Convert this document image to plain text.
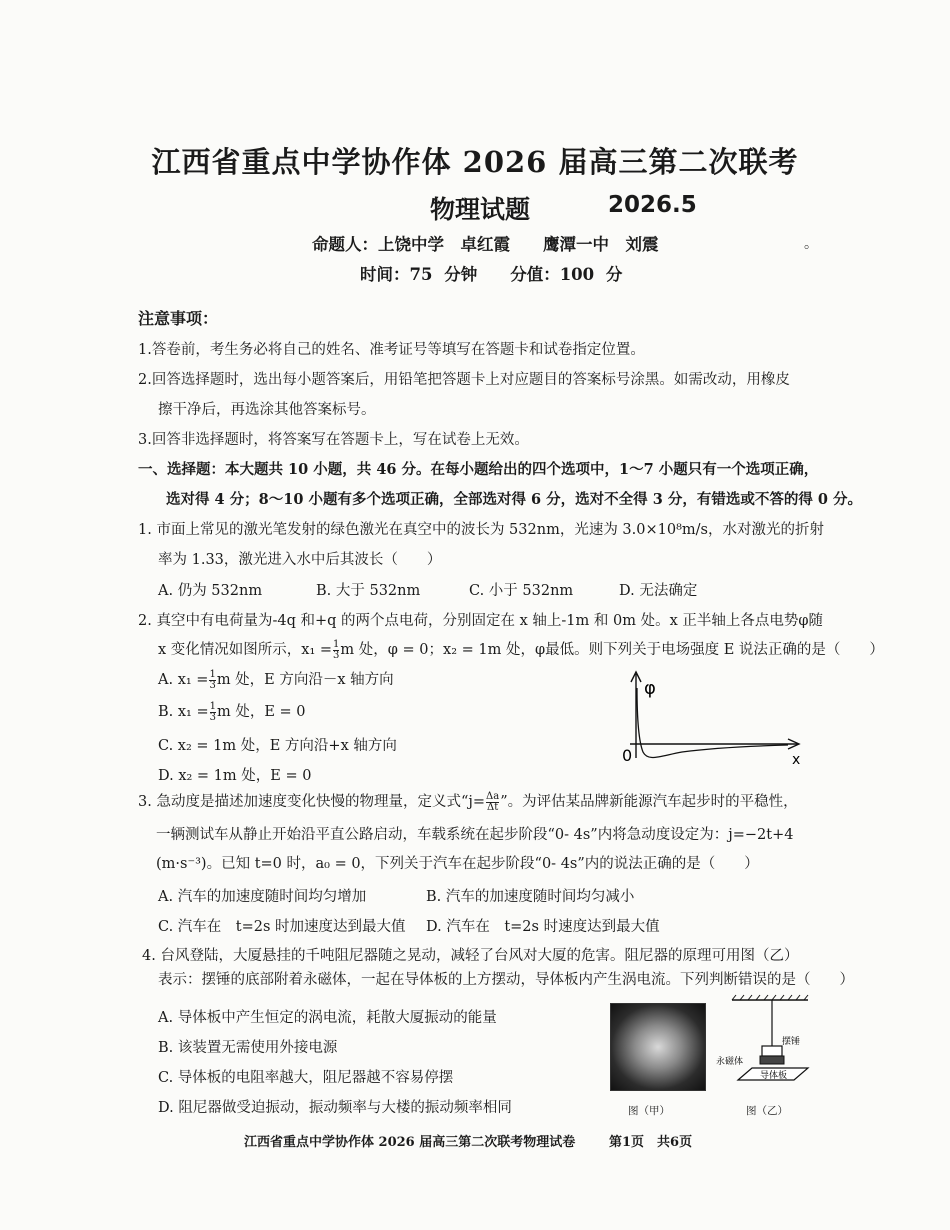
江西省重点中学协作体 2026 届高三第二次联考
物理试题	2026.5
命题人：上饶中学　卓红霞　　鹰潭一中　刘震	。
时间：75 分钟　　分值：100 分
注意事项：
1.答卷前，考生务必将自己的姓名、准考证号等填写在答题卡和试卷指定位置。
2.回答选择题时，选出每小题答案后，用铅笔把答题卡上对应题目的答案标号涂黑。如需改动，用橡皮
擦干净后，再选涂其他答案标号。
3.回答非选择题时，将答案写在答题卡上，写在试卷上无效。
一、选择题：本大题共 10 小题，共 46 分。在每小题给出的四个选项中，1～7 小题只有一个选项正确，
选对得 4 分；8～10 小题有多个选项正确，全部选对得 6 分，选对不全得 3 分，有错选或不答的得 0 分。
1. 市面上常见的激光笔发射的绿色激光在真空中的波长为 532nm，光速为 3.0×10⁸m/s，水对激光的折射
率为 1.33，激光进入水中后其波长（　　）
A. 仍为 532nm	B. 大于 532nm	C. 小于 532nm	D. 无法确定
2. 真空中有电荷量为-4q 和+q 的两个点电荷，分别固定在 x 轴上-1m 和 0m 处。x 正半轴上各点电势φ随
x 变化情况如图所示，$x_1 = \frac{1}{3}$ m 处，φ = 0；x₂ = 1m 处，φ最低。则下列关于电场强度 E 说法正确的是（　　）
A. $x_1 = \frac{1}{3}$ m 处，E 方向沿－x 轴方向
B. $x_1 = \frac{1}{3}$ m 处，E = 0
C. x₂ = 1m 处，E 方向沿+x 轴方向
D. x₂ = 1m 处，E = 0
φ
x
0
3. 急动度是描述加速度变化快慢的物理量，定义式“$j= \frac{\Delta a}{\Delta t}$ ”。为评估某品牌新能源汽车起步时的平稳性，
一辆测试车从静止开始沿平直公路启动，车载系统在起步阶段“0- 4s”内将急动度设定为：j=−2t+4
(m·s⁻³)。已知 t=0 时，a₀ = 0，下列关于汽车在起步阶段“0- 4s”内的说法正确的是（　　）
A. 汽车的加速度随时间均匀增加	B. 汽车的加速度随时间均匀减小
C. 汽车在　t=2s 时加速度达到最大值 D. 汽车在　t=2s 时速度达到最大值
4. 台风登陆，大厦悬挂的千吨阻尼器随之晃动，减轻了台风对大厦的危害。阻尼器的原理可用图（乙）
表示：摆锤的底部附着永磁体，一起在导体板的上方摆动，导体板内产生涡电流。下列判断错误的是（　　）
A. 导体板中产生恒定的涡电流，耗散大厦振动的能量
B. 该装置无需使用外接电源
C. 导体板的电阻率越大，阻尼器越不容易停摆
D. 阻尼器做受迫振动，振动频率与大楼的振动频率相同	图（甲）
摆锤
永磁体
导体板
图（乙）
江西省重点中学协作体 2026 届高三第二次联考物理试卷	第1页　共6页
